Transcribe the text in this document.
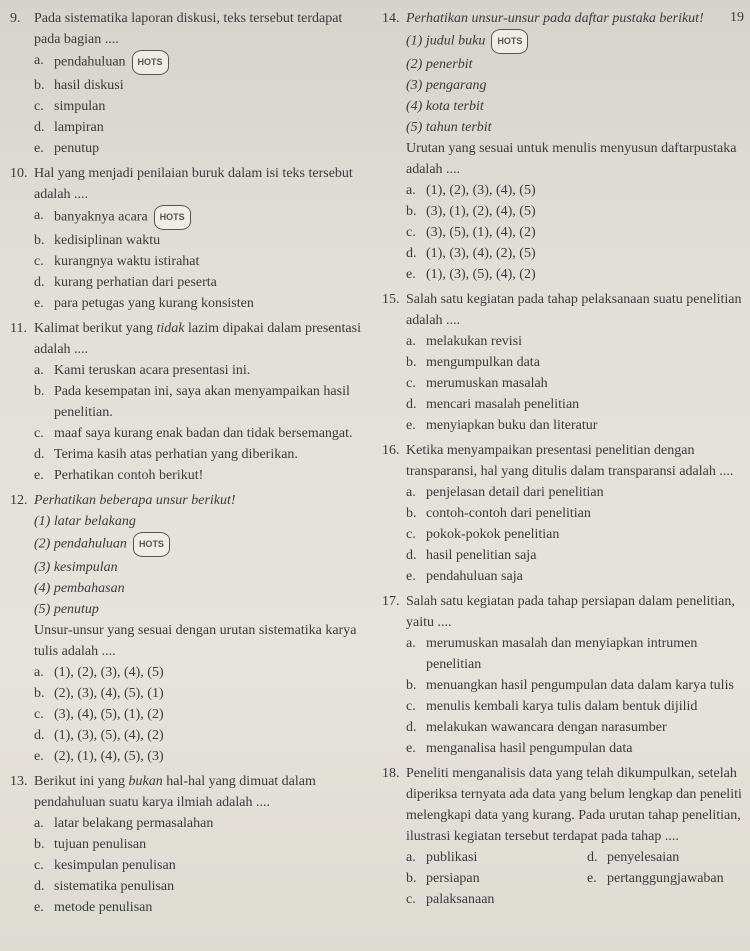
19
9. Pada sistematika laporan diskusi, teks tersebut terdapat pada bagian ....
a. pendahuluan HOTS
b. hasil diskusi
c. simpulan
d. lampiran
e. penutup
10. Hal yang menjadi penilaian buruk dalam isi teks tersebut adalah ....
a. banyaknya acara HOTS
b. kedisiplinan waktu
c. kurangnya waktu istirahat
d. kurang perhatian dari peserta
e. para petugas yang kurang konsisten
11. Kalimat berikut yang tidak lazim dipakai dalam presentasi adalah ....
a. Kami teruskan acara presentasi ini.
b. Pada kesempatan ini, saya akan menyampaikan hasil penelitian.
c. maaf saya kurang enak badan dan tidak bersemangat.
d. Terima kasih atas perhatian yang diberikan.
e. Perhatikan contoh berikut!
12. Perhatikan beberapa unsur berikut!
(1) latar belakang
(2) pendahuluan HOTS
(3) kesimpulan
(4) pembahasan
(5) penutup
Unsur-unsur yang sesuai dengan urutan sistematika karya tulis adalah ....
a. (1), (2), (3), (4), (5)
b. (2), (3), (4), (5), (1)
c. (3), (4), (5), (1), (2)
d. (1), (3), (5), (4), (2)
e. (2), (1), (4), (5), (3)
13. Berikut ini yang bukan hal-hal yang dimuat dalam pendahuluan suatu karya ilmiah adalah ....
a. latar belakang permasalahan
b. tujuan penulisan
c. kesimpulan penulisan
d. sistematika penulisan
e. metode penulisan
14. Perhatikan unsur-unsur pada daftar pustaka berikut!
(1) judul buku HOTS
(2) penerbit
(3) pengarang
(4) kota terbit
(5) tahun terbit
Urutan yang sesuai untuk menulis menyusun daftarpustaka adalah ....
a. (1), (2), (3), (4), (5)
b. (3), (1), (2), (4), (5)
c. (3), (5), (1), (4), (2)
d. (1), (3), (4), (2), (5)
e. (1), (3), (5), (4), (2)
15. Salah satu kegiatan pada tahap pelaksanaan suatu penelitian adalah ....
a. melakukan revisi
b. mengumpulkan data
c. merumuskan masalah
d. mencari masalah penelitian
e. menyiapkan buku dan literatur
16. Ketika menyampaikan presentasi penelitian dengan transparansi, hal yang ditulis dalam transparansi adalah ....
a. penjelasan detail dari penelitian
b. contoh-contoh dari penelitian
c. pokok-pokok penelitian
d. hasil penelitian saja
e. pendahuluan saja
17. Salah satu kegiatan pada tahap persiapan dalam penelitian, yaitu ....
a. merumuskan masalah dan menyiapkan intrumen penelitian
b. menuangkan hasil pengumpulan data dalam karya tulis
c. menulis kembali karya tulis dalam bentuk dijilid
d. melakukan wawancara dengan narasumber
e. menganalisa hasil pengumpulan data
18. Peneliti menganalisis data yang telah dikumpulkan, setelah diperiksa ternyata ada data yang belum lengkap dan peneliti melengkapi data yang kurang. Pada urutan tahap penelitian, ilustrasi kegiatan tersebut terdapat pada tahap ....
a. publikasi	d. penyelesaian
b. persiapan	e. pertanggungjawaban
c. palaksanaan
